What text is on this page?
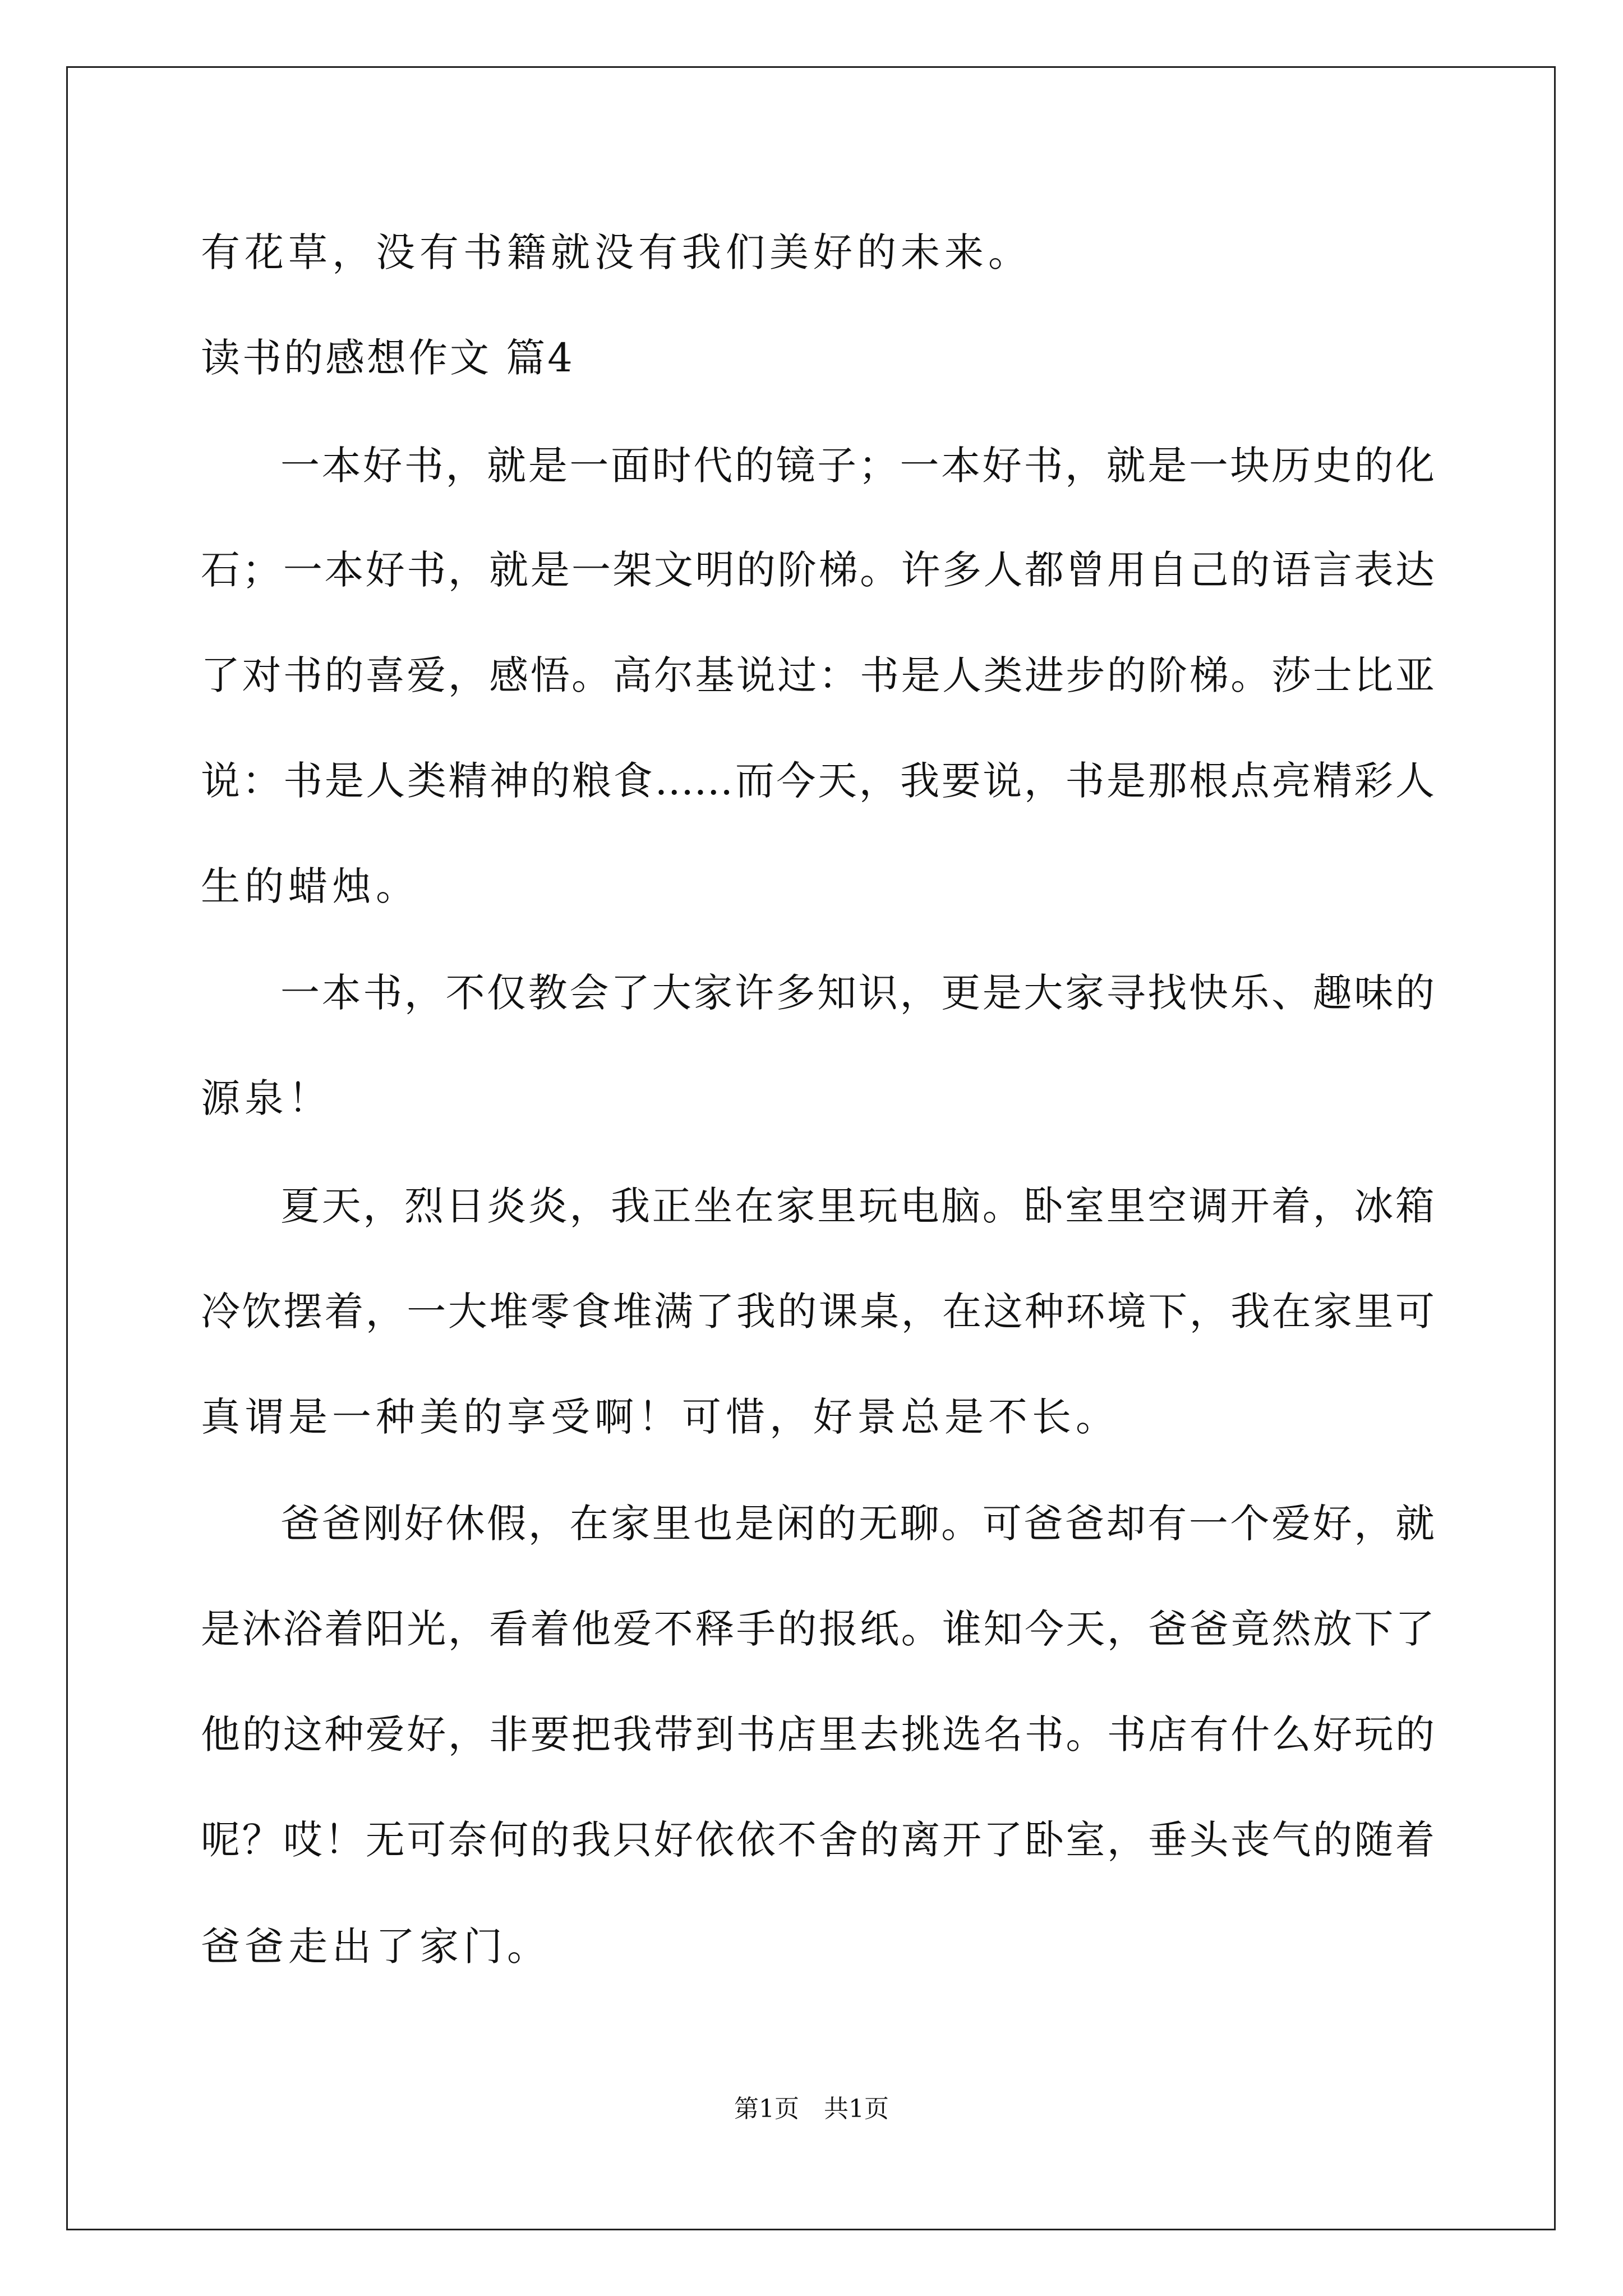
有花草，没有书籍就没有我们美好的未来。

读书的感想作文 篇4

一本好书，就是一面时代的镜子；一本好书，就是一块历史的化

石；一本好书，就是一架文明的阶梯。许多人都曾用自己的语言表达

了对书的喜爱，感悟。高尔基说过：书是人类进步的阶梯。莎士比亚

说：书是人类精神的粮食……而今天，我要说，书是那根点亮精彩人

生的蜡烛。

一本书，不仅教会了大家许多知识，更是大家寻找快乐、趣味的

源泉！

夏天，烈日炎炎，我正坐在家里玩电脑。卧室里空调开着，冰箱

冷饮摆着，一大堆零食堆满了我的课桌，在这种环境下，我在家里可

真谓是一种美的享受啊！可惜，好景总是不长。

爸爸刚好休假，在家里也是闲的无聊。可爸爸却有一个爱好，就

是沐浴着阳光，看着他爱不释手的报纸。谁知今天，爸爸竟然放下了

他的这种爱好，非要把我带到书店里去挑选名书。书店有什么好玩的

呢？哎！无可奈何的我只好依依不舍的离开了卧室，垂头丧气的随着

爸爸走出了家门。

第1页 共1页
